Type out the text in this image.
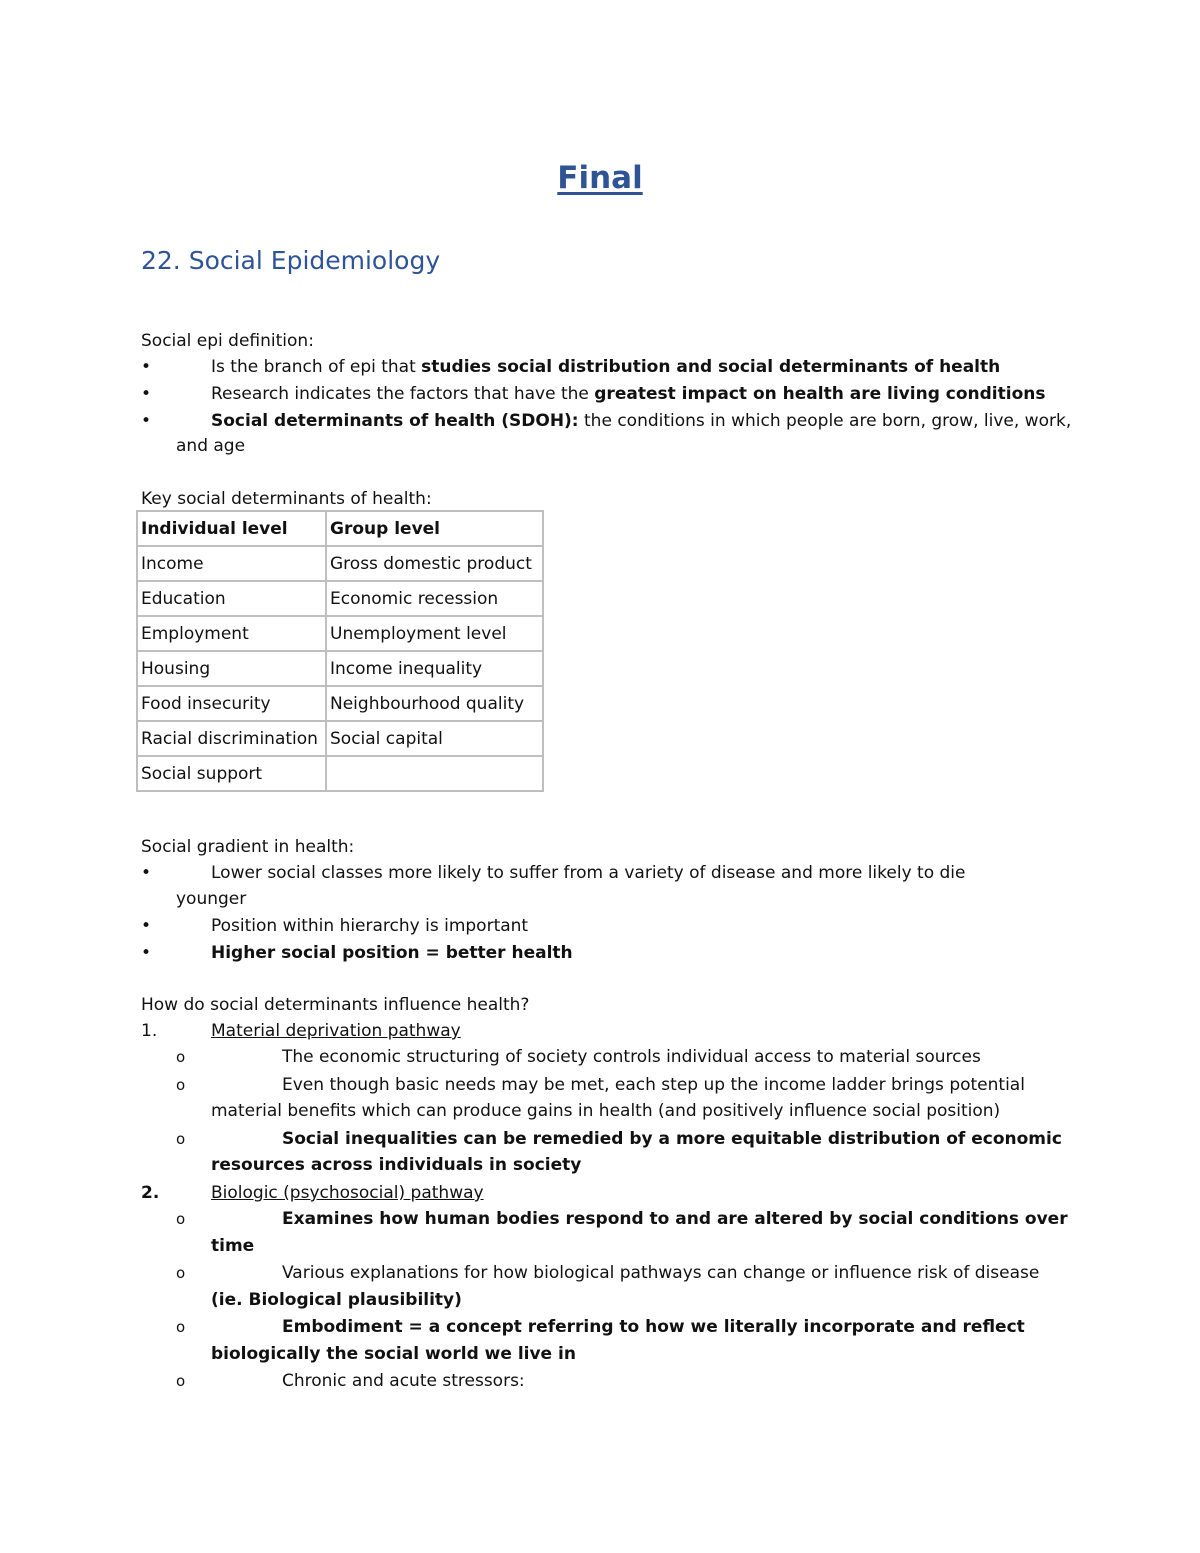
Final
22. Social Epidemiology
Social epi definition:
•	Is the branch of epi that studies social distribution and social determinants of health
•	Research indicates the factors that have the greatest impact on health are living conditions
•	Social determinants of health (SDOH): the conditions in which people are born, grow, live, work,
and age
Key social determinants of health:
Individual level	Group level
Income	Gross domestic product
Education	Economic recession
Employment	Unemployment level
Housing	Income inequality
Food insecurity	Neighbourhood quality
Racial discrimination	Social capital
Social support	
Social gradient in health:
•	Lower social classes more likely to suffer from a variety of disease and more likely to die
younger
•	Position within hierarchy is important
•	Higher social position = better health
How do social determinants influence health?
1.	Material deprivation pathway
o	The economic structuring of society controls individual access to material sources
o	Even though basic needs may be met, each step up the income ladder brings potential
material benefits which can produce gains in health (and positively influence social position)
o	Social inequalities can be remedied by a more equitable distribution of economic
resources across individuals in society
2.	Biologic (psychosocial) pathway
o	Examines how human bodies respond to and are altered by social conditions over
time
o	Various explanations for how biological pathways can change or influence risk of disease
(ie. Biological plausibility)
o	Embodiment = a concept referring to how we literally incorporate and reflect
biologically the social world we live in
o	Chronic and acute stressors:
